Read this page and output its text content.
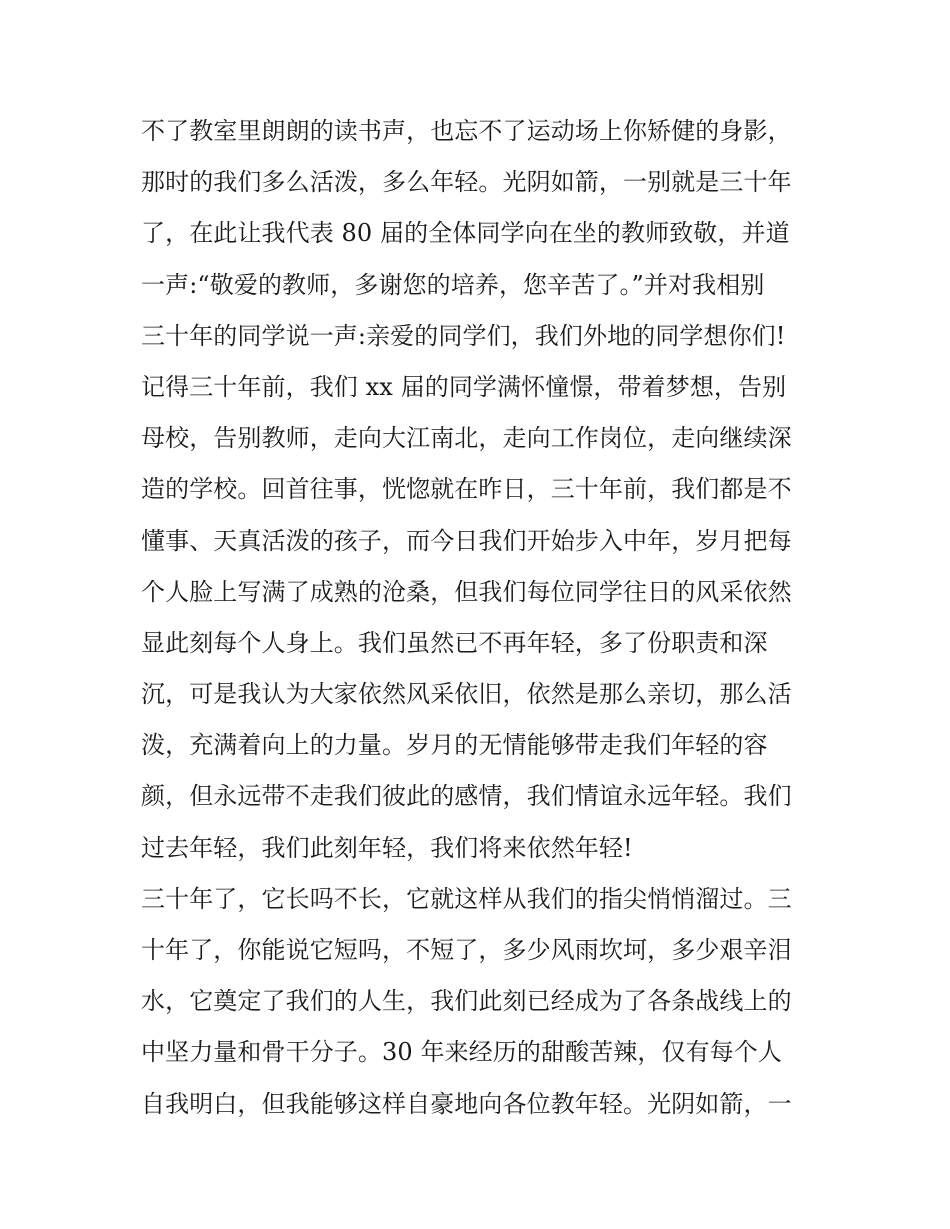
不了教室里朗朗的读书声，也忘不了运动场上你矫健的身影，
那时的我们多么活泼，多么年轻。光阴如箭，一别就是三十年
了，在此让我代表 80 届的全体同学向在坐的教师致敬，并道
一声:“敬爱的教师，多谢您的培养，您辛苦了。”并对我相别
三十年的同学说一声:亲爱的同学们，我们外地的同学想你们!
记得三十年前，我们 xx 届的同学满怀憧憬，带着梦想，告别
母校，告别教师，走向大江南北，走向工作岗位，走向继续深
造的学校。回首往事，恍惚就在昨日，三十年前，我们都是不
懂事、天真活泼的孩子，而今日我们开始步入中年，岁月把每
个人脸上写满了成熟的沧桑，但我们每位同学往日的风采依然
显此刻每个人身上。我们虽然已不再年轻，多了份职责和深
沉，可是我认为大家依然风采依旧，依然是那么亲切，那么活
泼，充满着向上的力量。岁月的无情能够带走我们年轻的容
颜，但永远带不走我们彼此的感情，我们情谊永远年轻。我们
过去年轻，我们此刻年轻，我们将来依然年轻!
三十年了，它长吗不长，它就这样从我们的指尖悄悄溜过。三
十年了，你能说它短吗，不短了，多少风雨坎坷，多少艰辛泪
水，它奠定了我们的人生，我们此刻已经成为了各条战线上的
中坚力量和骨干分子。30 年来经历的甜酸苦辣，仅有每个人
自我明白，但我能够这样自豪地向各位教年轻。光阴如箭，一
